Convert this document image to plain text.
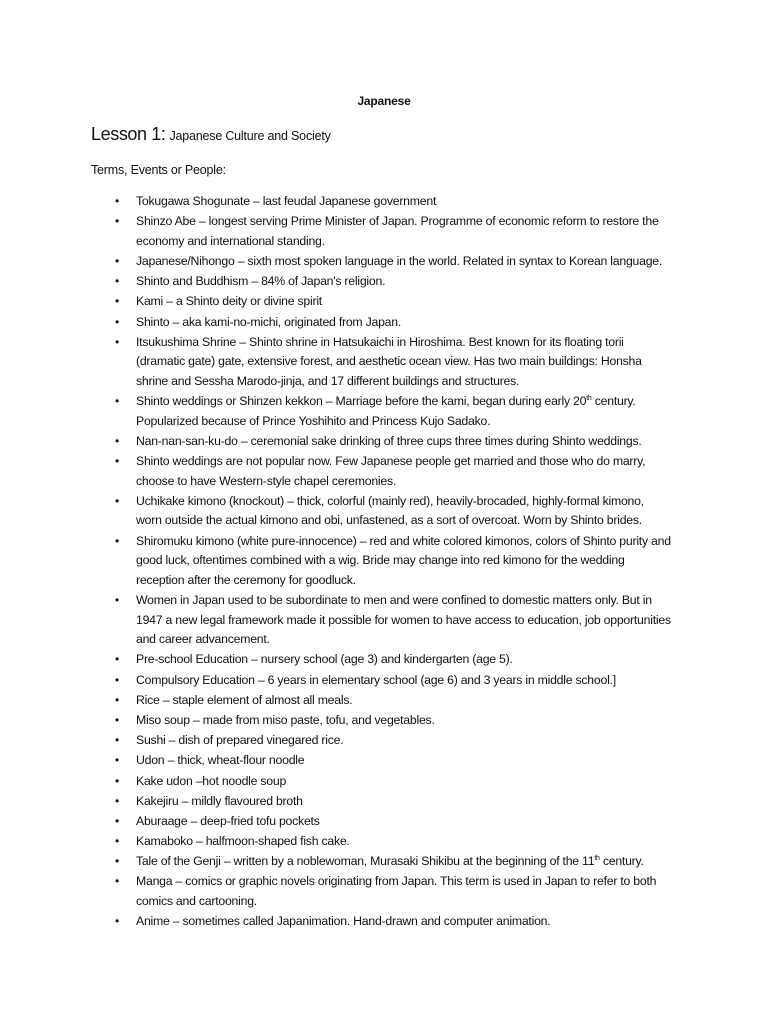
Japanese
Lesson 1: Japanese Culture and Society
Terms, Events or People:
• Tokugawa Shogunate – last feudal Japanese government
• Shinzo Abe – longest serving Prime Minister of Japan. Programme of economic reform to restore the economy and international standing.
• Japanese/Nihongo – sixth most spoken language in the world. Related in syntax to Korean language.
• Shinto and Buddhism – 84% of Japan's religion.
• Kami – a Shinto deity or divine spirit
• Shinto – aka kami-no-michi, originated from Japan.
• Itsukushima Shrine – Shinto shrine in Hatsukaichi in Hiroshima. Best known for its floating torii (dramatic gate) gate, extensive forest, and aesthetic ocean view. Has two main buildings: Honsha shrine and Sessha Marodo-jinja, and 17 different buildings and structures.
• Shinto weddings or Shinzen kekkon – Marriage before the kami, began during early 20th century. Popularized because of Prince Yoshihito and Princess Kujo Sadako.
• Nan-nan-san-ku-do – ceremonial sake drinking of three cups three times during Shinto weddings.
• Shinto weddings are not popular now. Few Japanese people get married and those who do marry, choose to have Western-style chapel ceremonies.
• Uchikake kimono (knockout) – thick, colorful (mainly red), heavily-brocaded, highly-formal kimono, worn outside the actual kimono and obi, unfastened, as a sort of overcoat. Worn by Shinto brides.
• Shiromuku kimono (white pure-innocence) – red and white colored kimonos, colors of Shinto purity and good luck, oftentimes combined with a wig. Bride may change into red kimono for the wedding reception after the ceremony for goodluck.
• Women in Japan used to be subordinate to men and were confined to domestic matters only. But in 1947 a new legal framework made it possible for women to have access to education, job opportunities and career advancement.
• Pre-school Education – nursery school (age 3) and kindergarten (age 5).
• Compulsory Education – 6 years in elementary school (age 6) and 3 years in middle school.]
• Rice – staple element of almost all meals.
• Miso soup – made from miso paste, tofu, and vegetables.
• Sushi – dish of prepared vinegared rice.
• Udon – thick, wheat-flour noodle
• Kake udon –hot noodle soup
• Kakejiru – mildly flavoured broth
• Aburaage – deep-fried tofu pockets
• Kamaboko – halfmoon-shaped fish cake.
• Tale of the Genji – written by a noblewoman, Murasaki Shikibu at the beginning of the 11th century.
• Manga – comics or graphic novels originating from Japan. This term is used in Japan to refer to both comics and cartooning.
• Anime – sometimes called Japanimation. Hand-drawn and computer animation.
